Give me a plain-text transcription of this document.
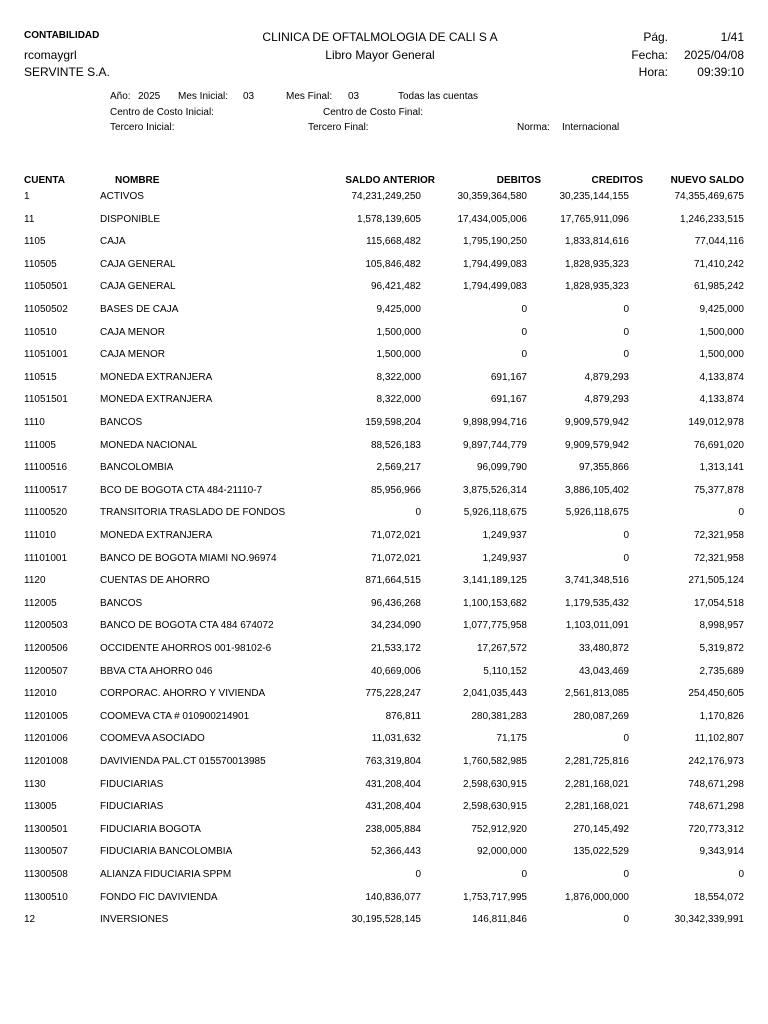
CONTABILIDAD
rcomaygrl
SERVINTE S.A.
CLINICA DE OFTALMOLOGIA DE CALI S A
Libro Mayor General
Pág.	1/41
Fecha: 2025/04/08
Hora: 09:39:10
Año: 2025 Mes Inicial: 03	Mes Final: 03	Todas las cuentas
Centro de Costo Inicial:	Centro de Costo Final:
Tercero Inicial:	Tercero Final:	Norma: Internacional
CUENTA	NOMBRE	SALDO ANTERIOR	DEBITOS	CREDITOS	NUEVO SALDO
1	ACTIVOS	74,231,249,250	30,359,364,580	30,235,144,155	74,355,469,675
11	DISPONIBLE	1,578,139,605	17,434,005,006	17,765,911,096	1,246,233,515
1105	CAJA	115,668,482	1,795,190,250	1,833,814,616	77,044,116
110505	CAJA GENERAL	105,846,482	1,794,499,083	1,828,935,323	71,410,242
11050501	CAJA GENERAL	96,421,482	1,794,499,083	1,828,935,323	61,985,242
11050502	BASES DE CAJA	9,425,000	0	0	9,425,000
110510	CAJA MENOR	1,500,000	0	0	1,500,000
11051001	CAJA MENOR	1,500,000	0	0	1,500,000
110515	MONEDA EXTRANJERA	8,322,000	691,167	4,879,293	4,133,874
11051501	MONEDA EXTRANJERA	8,322,000	691,167	4,879,293	4,133,874
1110	BANCOS	159,598,204	9,898,994,716	9,909,579,942	149,012,978
111005	MONEDA NACIONAL	88,526,183	9,897,744,779	9,909,579,942	76,691,020
11100516	BANCOLOMBIA	2,569,217	96,099,790	97,355,866	1,313,141
11100517	BCO DE BOGOTA CTA 484-21110-7	85,956,966	3,875,526,314	3,886,105,402	75,377,878
11100520	TRANSITORIA TRASLADO DE FONDOS	0	5,926,118,675	5,926,118,675	0
111010	MONEDA EXTRANJERA	71,072,021	1,249,937	0	72,321,958
11101001	BANCO DE BOGOTA MIAMI NO.96974	71,072,021	1,249,937	0	72,321,958
1120	CUENTAS DE AHORRO	871,664,515	3,141,189,125	3,741,348,516	271,505,124
112005	BANCOS	96,436,268	1,100,153,682	1,179,535,432	17,054,518
11200503	BANCO DE BOGOTA CTA 484 674072	34,234,090	1,077,775,958	1,103,011,091	8,998,957
11200506	OCCIDENTE AHORROS 001-98102-6	21,533,172	17,267,572	33,480,872	5,319,872
11200507	BBVA CTA AHORRO 046	40,669,006	5,110,152	43,043,469	2,735,689
112010	CORPORAC. AHORRO Y VIVIENDA	775,228,247	2,041,035,443	2,561,813,085	254,450,605
11201005	COOMEVA CTA # 010900214901	876,811	280,381,283	280,087,269	1,170,826
11201006	COOMEVA ASOCIADO	11,031,632	71,175	0	11,102,807
11201008	DAVIVIENDA PAL.CT 015570013985	763,319,804	1,760,582,985	2,281,725,816	242,176,973
1130	FIDUCIARIAS	431,208,404	2,598,630,915	2,281,168,021	748,671,298
113005	FIDUCIARIAS	431,208,404	2,598,630,915	2,281,168,021	748,671,298
11300501	FIDUCIARIA BOGOTA	238,005,884	752,912,920	270,145,492	720,773,312
11300507	FIDUCIARIA BANCOLOMBIA	52,366,443	92,000,000	135,022,529	9,343,914
11300508	ALIANZA FIDUCIARIA SPPM	0	0	0	0
11300510	FONDO FIC DAVIVIENDA	140,836,077	1,753,717,995	1,876,000,000	18,554,072
12	INVERSIONES	30,195,528,145	146,811,846	0	30,342,339,991
